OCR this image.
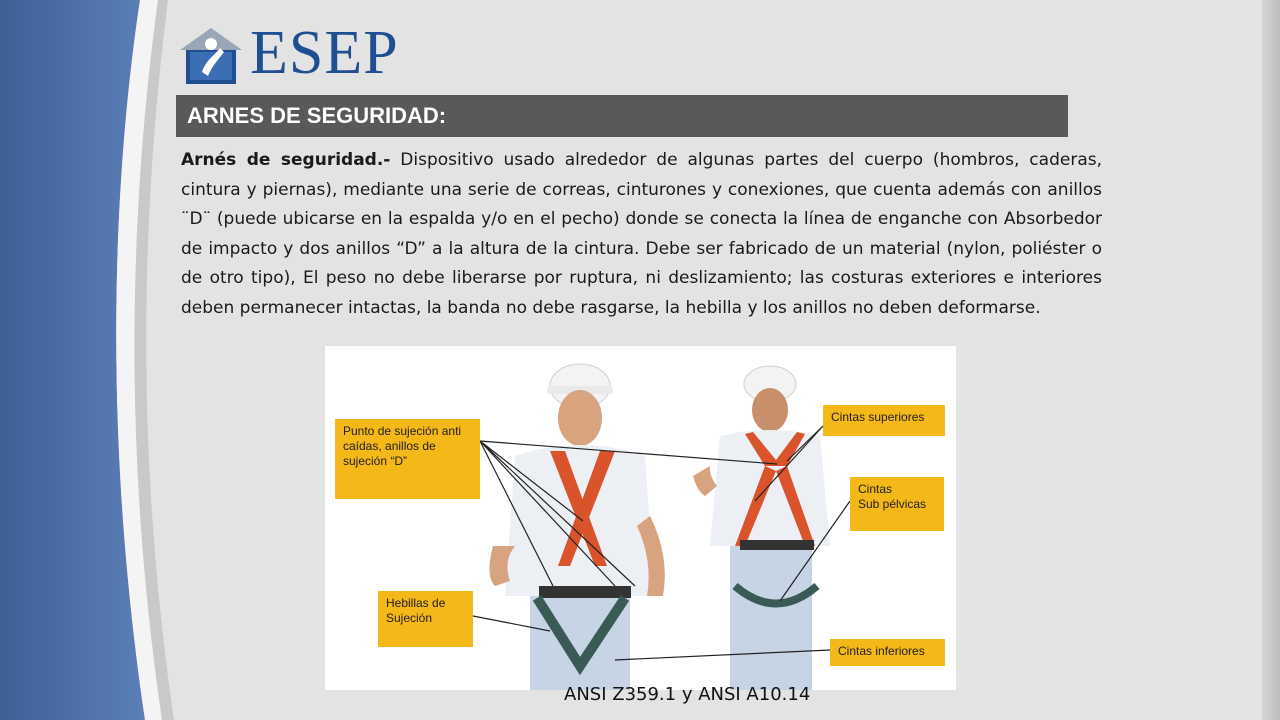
ESEP
ARNES DE SEGURIDAD:
Arnés de seguridad.- Dispositivo usado alrededor de algunas partes del cuerpo (hombros, caderas, cintura y piernas), mediante una serie de correas, cinturones y conexiones, que cuenta además con anillos ¨D¨ (puede ubicarse en la espalda y/o en el pecho) donde se conecta la línea de enganche con Absorbedor de impacto y dos anillos “D” a la altura de la cintura. Debe ser fabricado de un material (nylon, poliéster o de otro tipo), El peso no debe liberarse por ruptura, ni deslizamiento; las costuras exteriores e interiores deben permanecer intactas, la banda no debe rasgarse, la hebilla y los anillos no deben deformarse.
Punto de sujeción anti
caídas, anillos de
sujeción “D”
Hebillas de
Sujeción
Cintas superiores
Cintas
Sub pélvicas
Cintas inferiores
ANSI Z359.1 y ANSI A10.14
